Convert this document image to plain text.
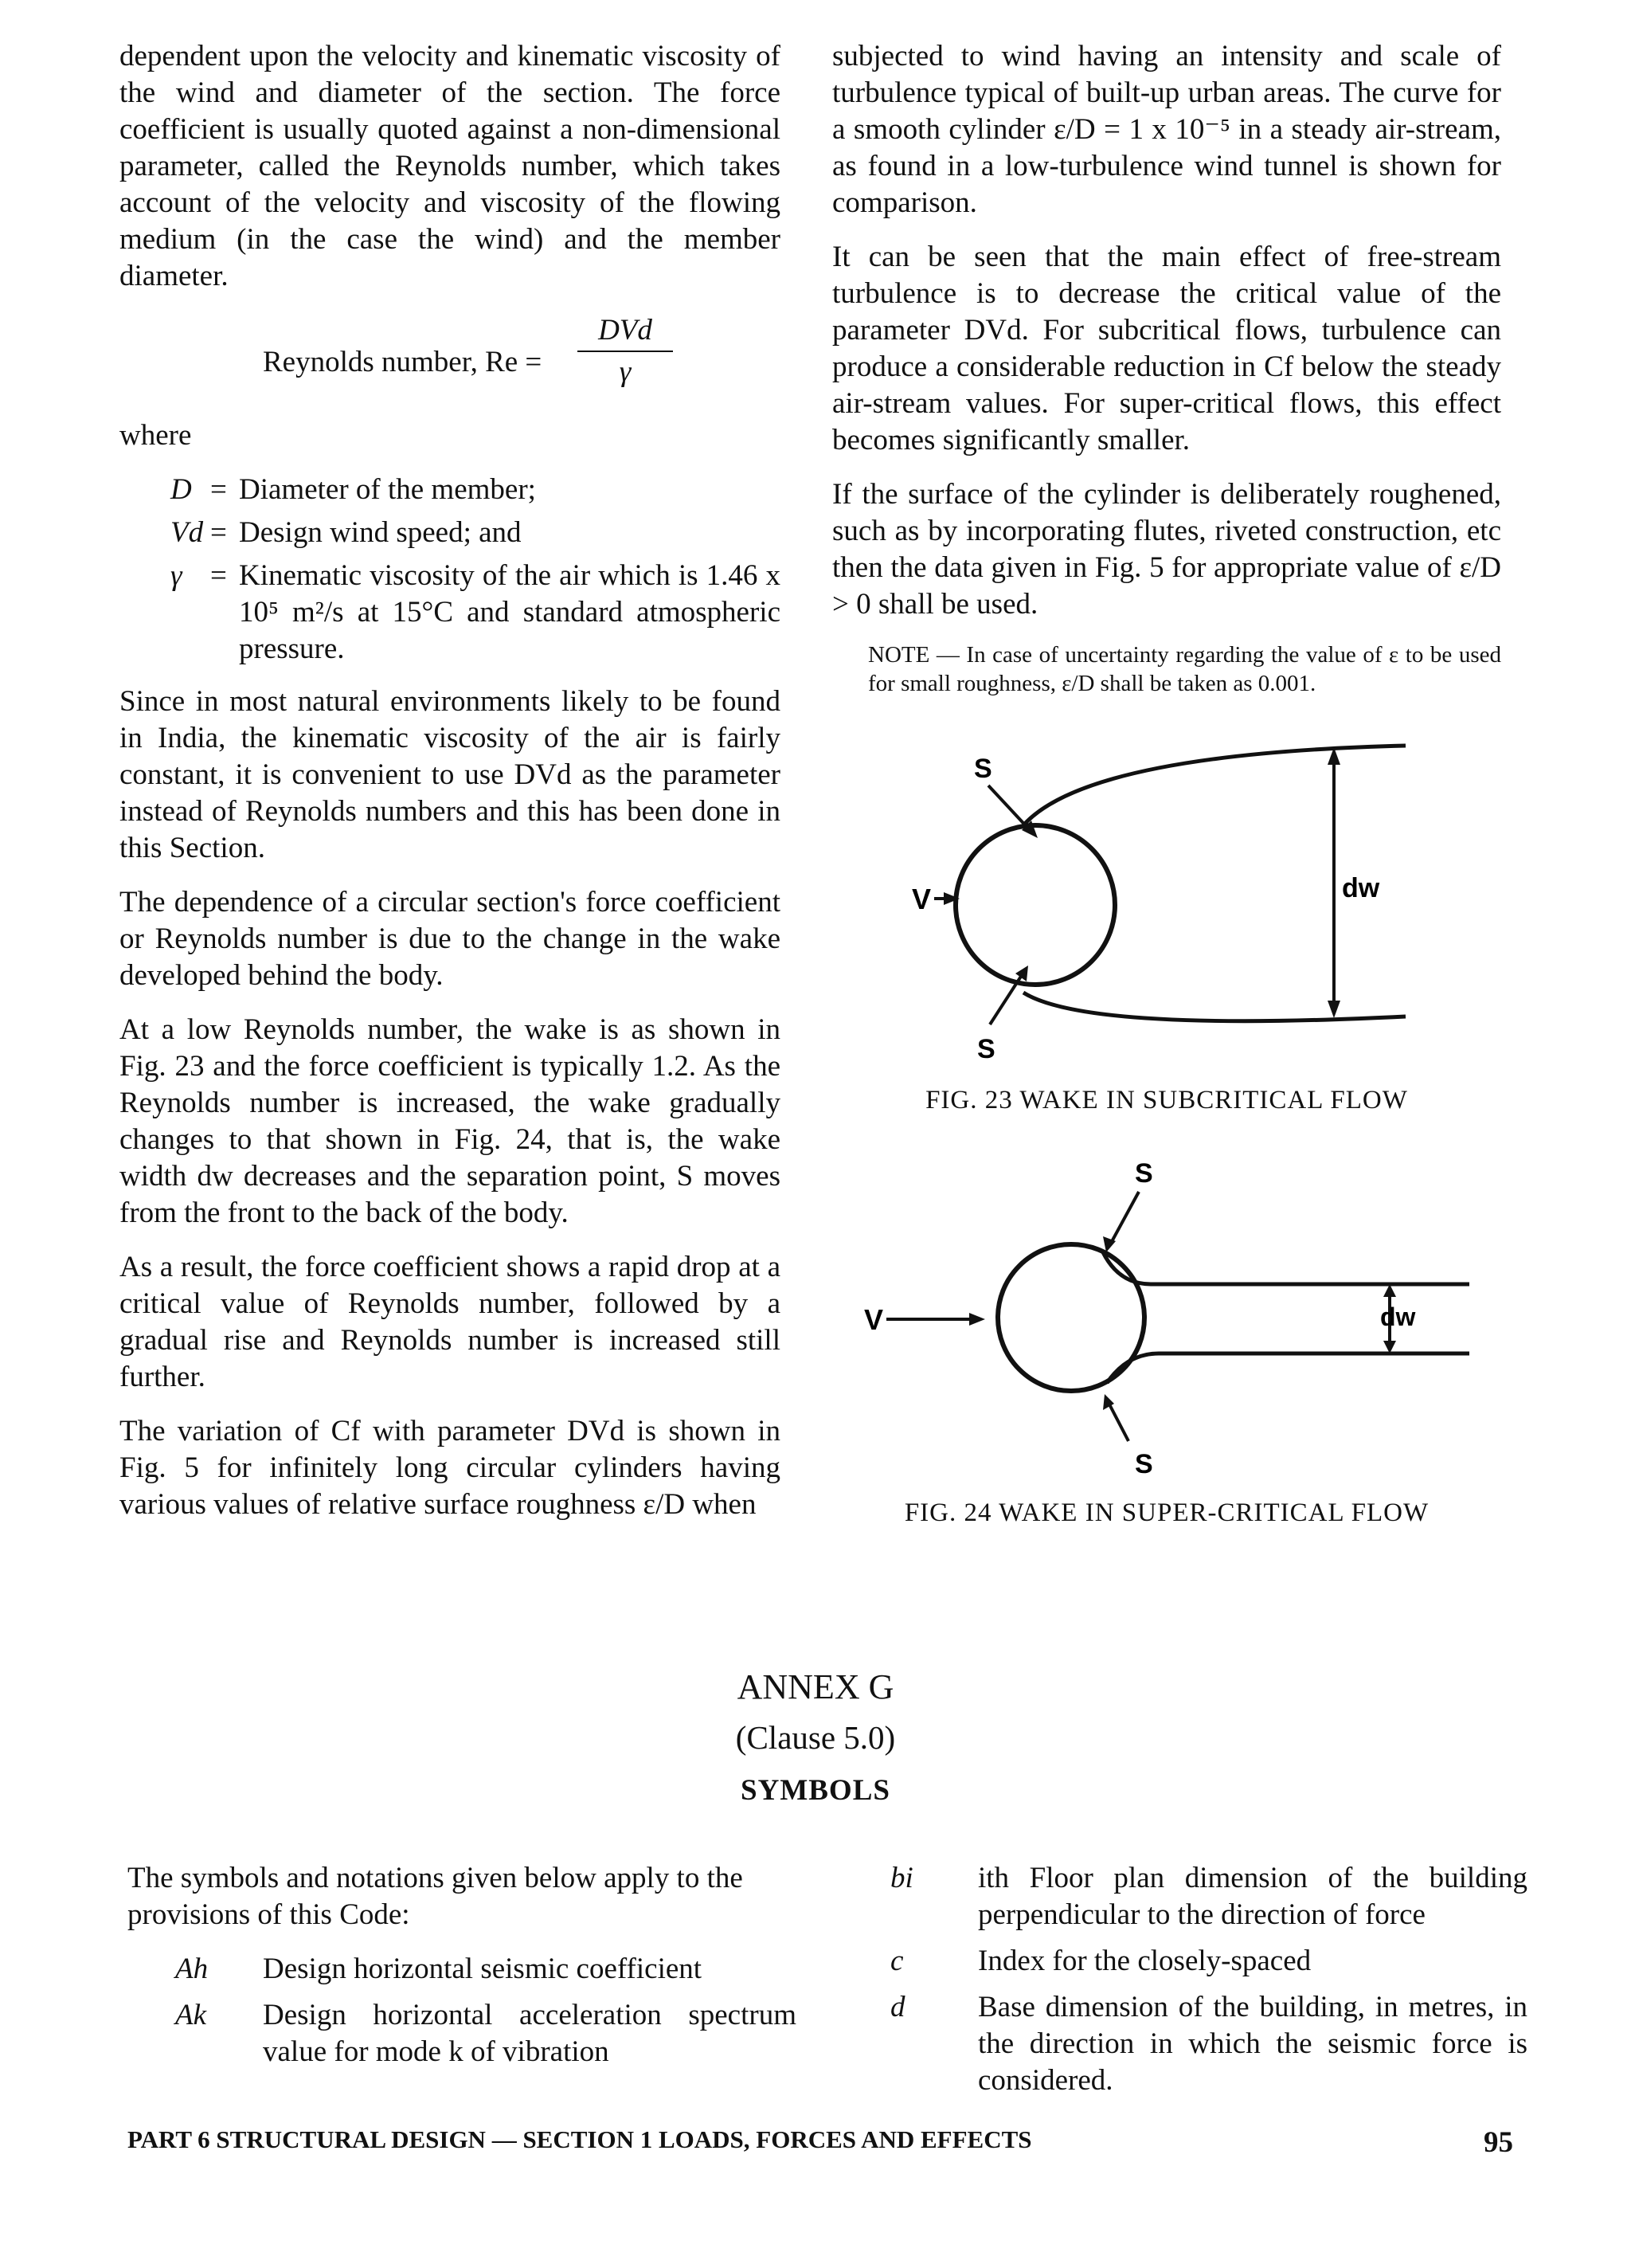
dependent upon the velocity and kinematic viscosity of the wind and diameter of the section. The force coefficient is usually quoted against a non-dimensional parameter, called the Reynolds number, which takes account of the velocity and viscosity of the flowing medium (in the case the wind) and the member diameter.

Reynolds number, Re =
DVd
γ

where

D = Diameter of the member;
Vd = Design wind speed; and
γ = Kinematic viscosity of the air which is 1.46 x 10⁵ m²/s at 15°C and standard atmospheric pressure.

Since in most natural environments likely to be found in India, the kinematic viscosity of the air is fairly constant, it is convenient to use DVd as the parameter instead of Reynolds numbers and this has been done in this Section.

The dependence of a circular section's force coefficient or Reynolds number is due to the change in the wake developed behind the body.

At a low Reynolds number, the wake is as shown in Fig. 23 and the force coefficient is typically 1.2. As the Reynolds number is increased, the wake gradually changes to that shown in Fig. 24, that is, the wake width dw decreases and the separation point, S moves from the front to the back of the body.

As a result, the force coefficient shows a rapid drop at a critical value of Reynolds number, followed by a gradual rise and Reynolds number is increased still further.

The variation of Cf with parameter DVd is shown in Fig. 5 for infinitely long circular cylinders having various values of relative surface roughness ε/D when

subjected to wind having an intensity and scale of turbulence typical of built-up urban areas. The curve for a smooth cylinder ε/D = 1 x 10⁻⁵ in a steady air-stream, as found in a low-turbulence wind tunnel is shown for comparison.

It can be seen that the main effect of free-stream turbulence is to decrease the critical value of the parameter DVd. For subcritical flows, turbulence can produce a considerable reduction in Cf below the steady air-stream values. For super-critical flows, this effect becomes significantly smaller.

If the surface of the cylinder is deliberately roughened, such as by incorporating flutes, riveted construction, etc then the data given in Fig. 5 for appropriate value of ε/D > 0 shall be used.

NOTE — In case of uncertainty regarding the value of ε to be used for small roughness, ε/D shall be taken as 0.001.
dw
V
S
S

FIG. 23 WAKE IN SUBCRITICAL FLOW

S
dw
V
S

FIG. 24 WAKE IN SUPER-CRITICAL FLOW

ANNEX G
(Clause 5.0)
SYMBOLS

The symbols and notations given below apply to the provisions of this Code:

Ah	Design horizontal seismic coefficient
Ak	Design horizontal acceleration spectrum value for mode k of vibration
bi	ith Floor plan dimension of the building perpendicular to the direction of force
c	Index for the closely-spaced
d	Base dimension of the building, in metres, in the direction in which the seismic force is considered.
PART 6 STRUCTURAL DESIGN — SECTION 1 LOADS, FORCES AND EFFECTS	95
